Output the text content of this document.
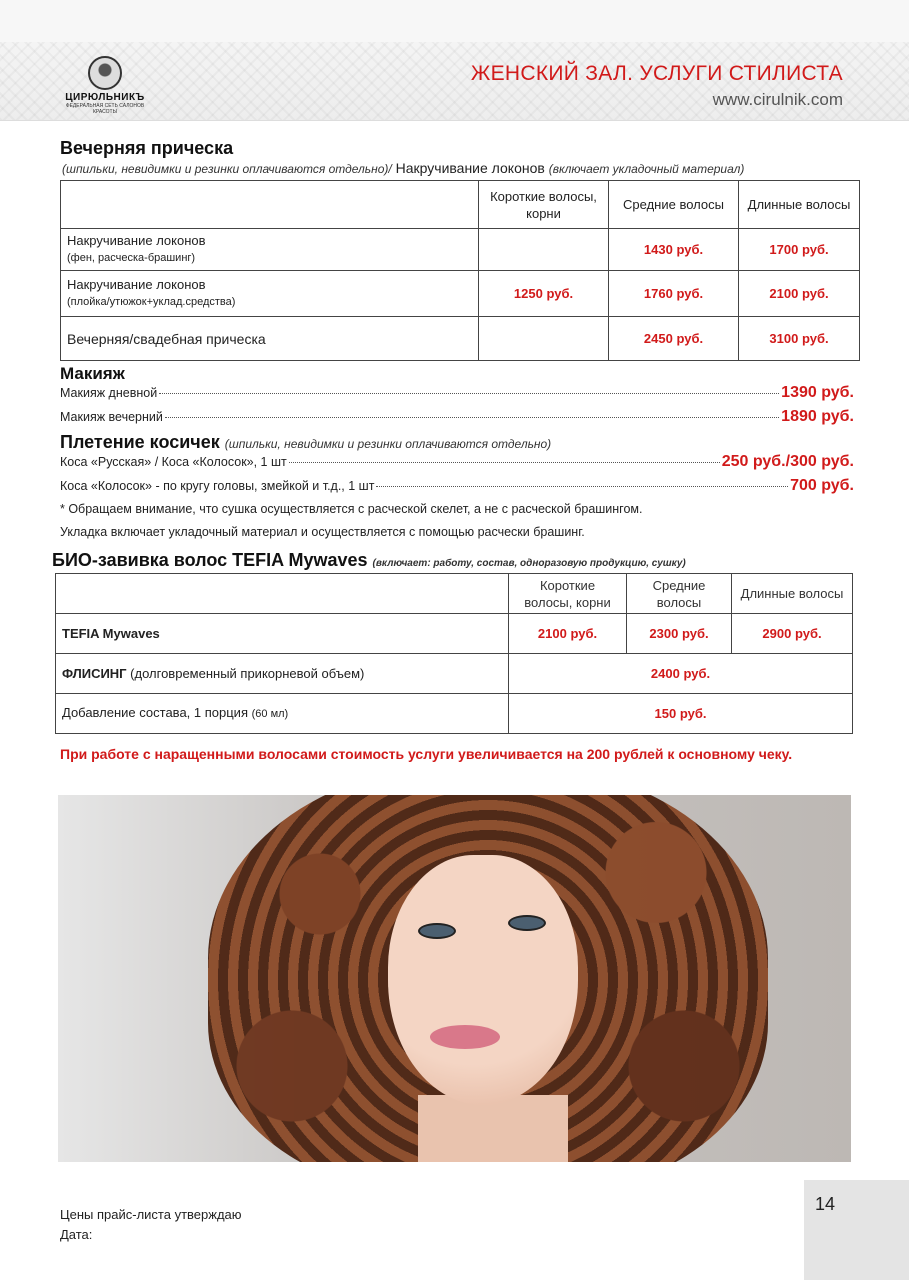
ЦИРЮЛЬНИКЪ
ФЕДЕРАЛЬНАЯ СЕТЬ САЛОНОВ КРАСОТЫ
ЖЕНСКИЙ ЗАЛ. УСЛУГИ СТИЛИСТА
www.cirulnik.com
Вечерняя прическа
(шпильки, невидимки и резинки оплачиваются отдельно)/ Накручивание локонов (включает укладочный материал)
	Короткие волосы, корни	Средние волосы	Длинные волосы
Накручивание локонов
(фен, расческа-брашинг)		1430 руб.	1700 руб.
Накручивание локонов
(плойка/утюжок+уклад.средства)	1250 руб.	1760 руб.	2100 руб.
Вечерняя/свадебная прическа		2450 руб.	3100 руб.
Макияж
Макияж дневной	1390 руб.
Макияж вечерний	1890 руб.
Плетение косичек (шпильки, невидимки и резинки оплачиваются отдельно)
Коса «Русская» / Коса «Колосок», 1 шт	250 руб./300 руб.
Коса «Колосок» - по кругу головы, змейкой и т.д., 1 шт	700 руб.
* Обращаем внимание, что сушка осуществляется с расческой скелет, а не с расческой брашингом.
Укладка включает укладочный материал и осуществляется с помощью расчески брашинг.
БИО-завивка волос TEFIA Mywaves (включает: работу, состав, одноразовую продукцию, сушку)
	Короткие волосы, корни	Средние волосы	Длинные волосы
TEFIA Mywaves	2100 руб.	2300 руб.	2900 руб.
ФЛИСИНГ (долговременный прикорневой объем)	2400 руб.		
Добавление состава, 1 порция (60 мл)	150 руб.		
При работе с наращенными волосами стоимость услуги увеличивается на 200 рублей к основному чеку.
Цены прайс-листа утверждаю
Дата:
14
